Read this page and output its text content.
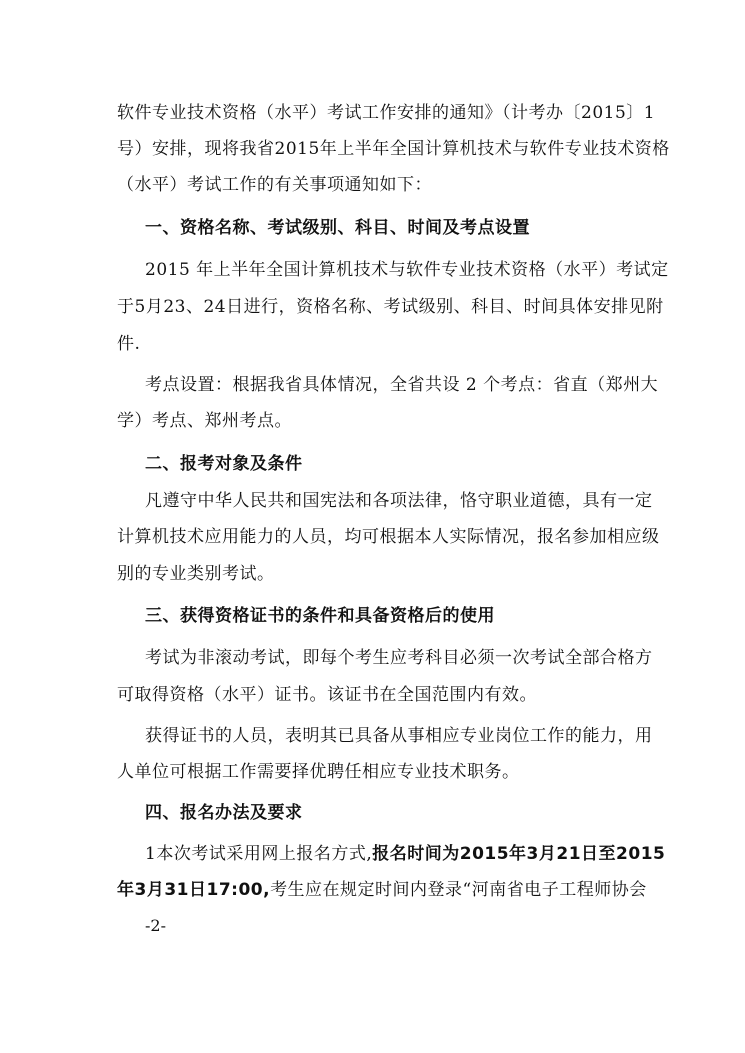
软件专业技术资格（水平）考试工作安排的通知》（计考办〔2015〕1
号）安排，现将我省2015年上半年全国计算机技术与软件专业技术资格
（水平）考试工作的有关事项通知如下：
一、资格名称、考试级别、科目、时间及考点设置
2015 年上半年全国计算机技术与软件专业技术资格（水平）考试定
于5月23、24日进行，资格名称、考试级别、科目、时间具体安排见附
件.
考点设置：根据我省具体情况，全省共设 2 个考点：省直（郑州大
学）考点、郑州考点。
二、报考对象及条件
凡遵守中华人民共和国宪法和各项法律，恪守职业道德，具有一定
计算机技术应用能力的人员，均可根据本人实际情况，报名参加相应级
别的专业类别考试。
三、获得资格证书的条件和具备资格后的使用
考试为非滚动考试，即每个考生应考科目必须一次考试全部合格方
可取得资格（水平）证书。该证书在全国范围内有效。
获得证书的人员，表明其已具备从事相应专业岗位工作的能力，用
人单位可根据工作需要择优聘任相应专业技术职务。
四、报名办法及要求
1本次考试采用网上报名方式,报名时间为2015年3月21日至2015
年3月31日17:00,考生应在规定时间内登录“河南省电子工程师协会
-2-
